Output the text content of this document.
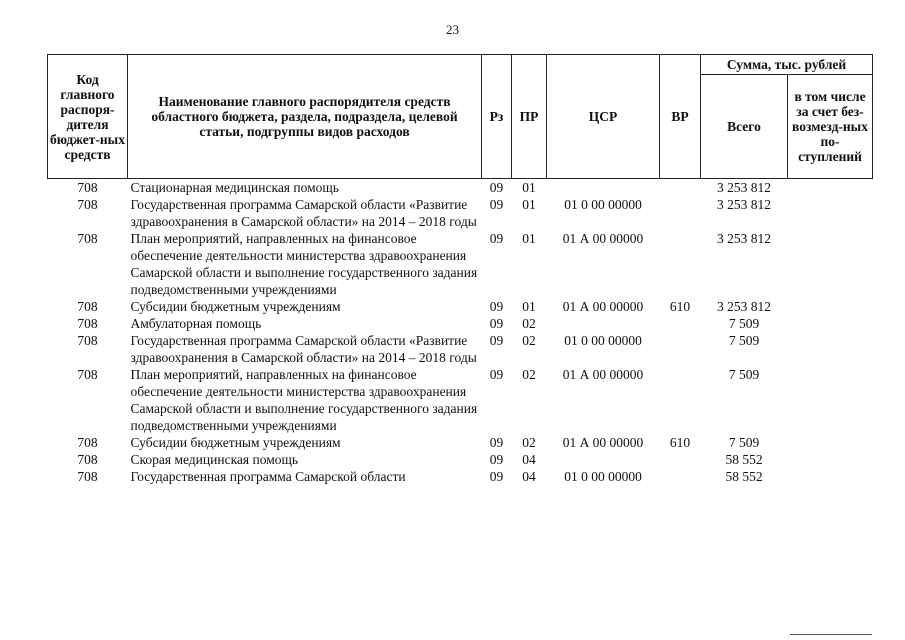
23
Код главного распоря-дителя бюджет-ных средств	Наименование главного распорядителя средств областного бюджета, раздела, подраздела, целевой статьи, подгруппы видов расходов	Рз	ПР	ЦСР	ВР	Сумма, тыс. рублей	
						Всего	в том числе за счет без-возмезд-ных по-ступлений
708	Стационарная медицинская помощь	09	01			3 253 812	
708	Государственная программа Самарской области «Развитие здравоохранения в Самарской области» на 2014 – 2018 годы	09	01	01 0 00 00000		3 253 812	
708	План мероприятий, направленных на финансовое обеспечение деятельности министерства здравоохранения Самарской области и выполнение государственного задания подведомственными учреждениями	09	01	01 А 00 00000		3 253 812	
708	Субсидии бюджетным учреждениям	09	01	01 А 00 00000	610	3 253 812	
708	Амбулаторная помощь	09	02			7 509	
708	Государственная программа Самарской области «Развитие здравоохранения в Самарской области» на 2014 – 2018 годы	09	02	01 0 00 00000		7 509	
708	План мероприятий, направленных на финансовое обеспечение деятельности министерства здравоохранения Самарской области и выполнение государственного задания подведомственными учреждениями	09	02	01 А 00 00000		7 509	
708	Субсидии бюджетным учреждениям	09	02	01 А 00 00000	610	7 509	
708	Скорая медицинская помощь	09	04			58 552	
708	Государственная программа Самарской области	09	04	01 0 00 00000		58 552	
